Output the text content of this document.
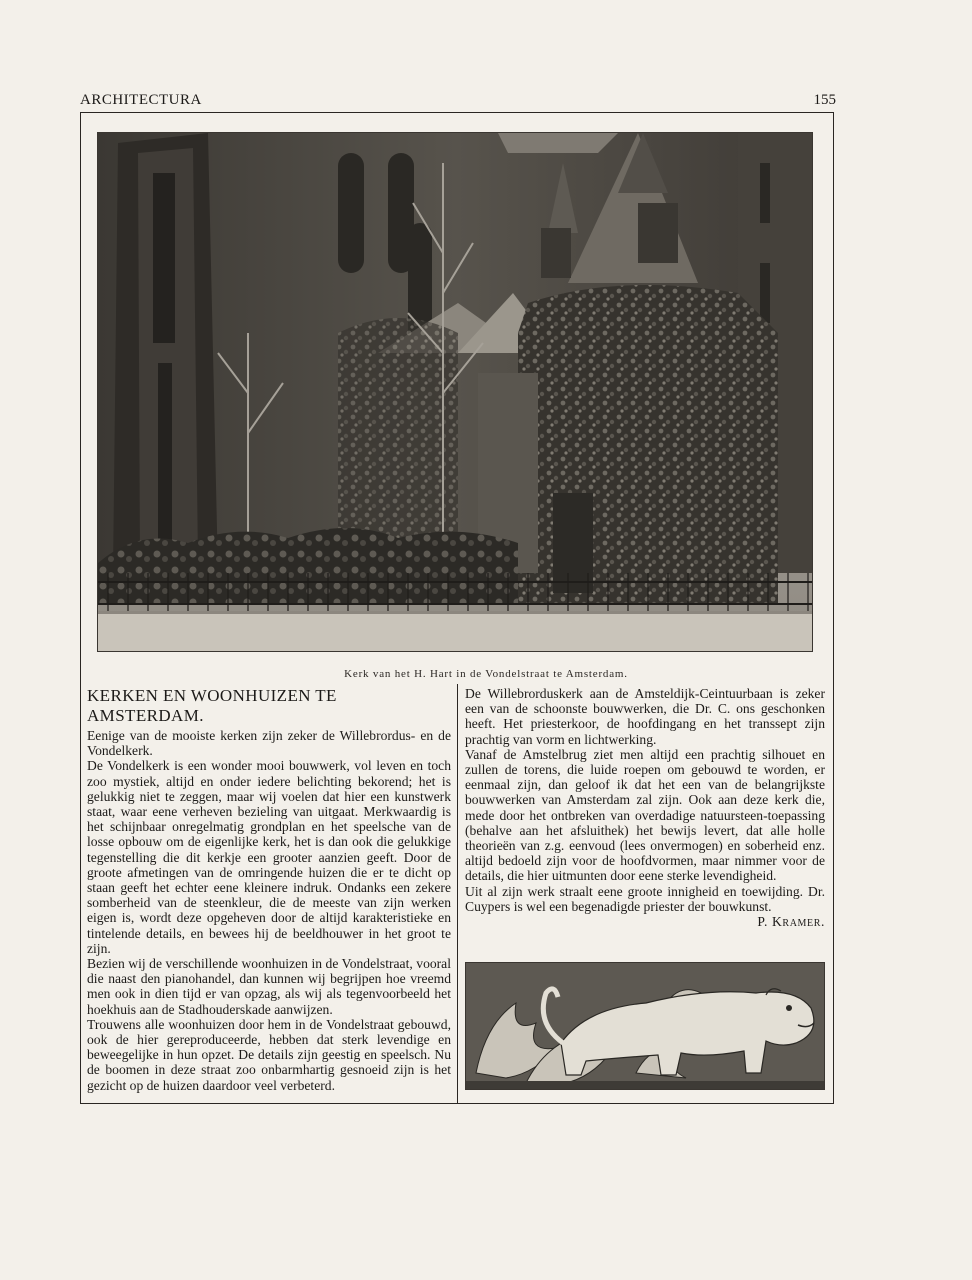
ARCHITECTURA	155
Kerk van het H. Hart in de Vondelstraat te Amsterdam.
KERKEN EN WOONHUIZEN TE AMSTERDAM.

Eenige van de mooiste kerken zijn zeker de Willebrordus- en de Vondelkerk.

De Vondelkerk is een wonder mooi bouwwerk, vol leven en toch zoo mystiek, altijd en onder iedere belichting bekorend; het is gelukkig niet te zeggen, maar wij voelen dat hier een kunstwerk staat, waar eene verheven bezieling van uitgaat. Merkwaardig is het schijnbaar onregelmatig grondplan en het speelsche van de losse opbouw om de eigenlijke kerk, het is dan ook die gelukkige tegenstelling die dit kerkje een grooter aanzien geeft. Door de groote afmetingen van de omringende huizen die er te dicht op staan geeft het echter eene kleinere indruk. Ondanks een zekere somberheid van de steenkleur, die de meeste van zijn werken eigen is, wordt deze opgeheven door de altijd karakteristieke en tintelende details, en bewees hij de beeldhouwer in het groot te zijn.

Bezien wij de verschillende woonhuizen in de Vondelstraat, vooral die naast den pianohandel, dan kunnen wij begrijpen hoe vreemd men ook in dien tijd er van opzag, als wij als tegenvoorbeeld het hoekhuis aan de Stadhouderskade aanwijzen.

Trouwens alle woonhuizen door hem in de Vondelstraat gebouwd, ook de hier gereproduceerde, hebben dat sterk levendige en beweegelijke in hun opzet. De details zijn geestig en speelsch. Nu de boomen in deze straat zoo onbarmhartig gesnoeid zijn is het gezicht op de huizen daardoor veel verbeterd.

De Willebrorduskerk aan de Amsteldijk-Ceintuurbaan is zeker een van de schoonste bouwwerken, die Dr. C. ons geschonken heeft. Het priesterkoor, de hoofdingang en het transsept zijn prachtig van vorm en lichtwerking.

Vanaf de Amstelbrug ziet men altijd een prachtig silhouet en zullen de torens, die luide roepen om gebouwd te worden, er eenmaal zijn, dan geloof ik dat het een van de belangrijkste bouwwerken van Amsterdam zal zijn. Ook aan deze kerk die, mede door het ontbreken van overdadige natuursteen-toepassing (behalve aan het afsluithek) het bewijs levert, dat alle holle theorieën van z.g. eenvoud (lees onvermogen) en soberheid enz. altijd bedoeld zijn voor de hoofdvormen, maar nimmer voor de details, die hier uitmunten door eene sterke levendigheid.

Uit al zijn werk straalt eene groote innigheid en toewijding. Dr. Cuypers is wel een begenadigde priester der bouwkunst.

P. Kramer.
